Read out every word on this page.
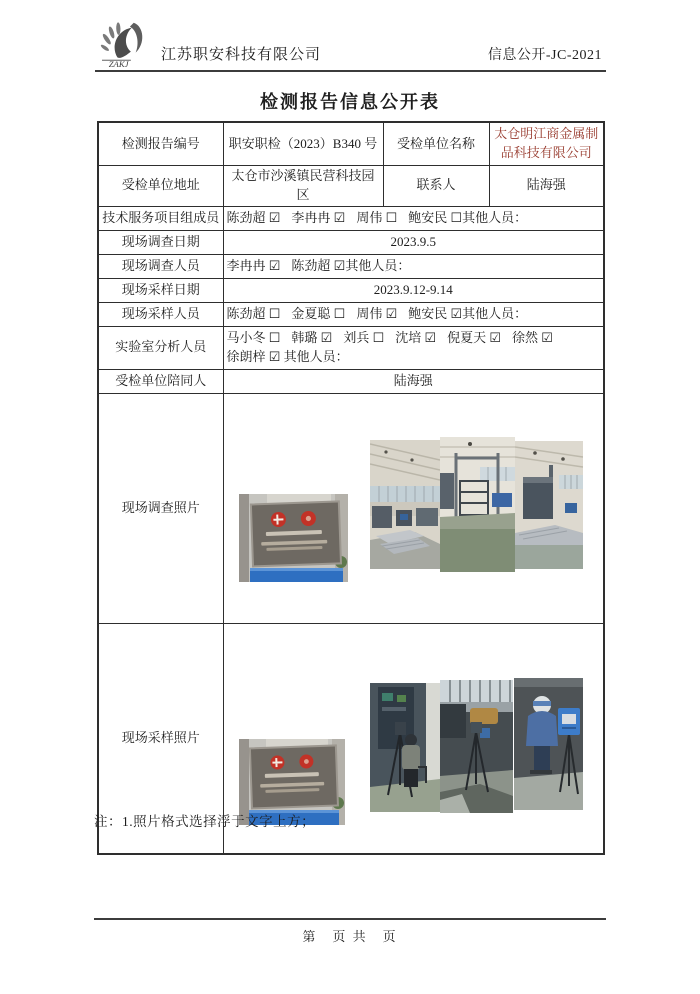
ZAKJ
江苏职安科技有限公司	信息公开-JC-2021
检测报告信息公开表
检测报告编号	职安职检（2023）B340 号	受检单位名称	太仓明江商金属制品科技有限公司
受检单位地址	太仓市沙溪镇民营科技园区	联系人	陆海强
技术服务项目组成员	陈劲超 ☑ 李冉冉 ☑ 周伟 ☐ 鲍安民 ☐其他人员：		
现场调查日期	2023.9.5		
现场调查人员	李冉冉 ☑ 陈劲超 ☑其他人员：		
现场采样日期	2023.9.12-9.14		
现场采样人员	陈劲超 ☐ 金夏聪 ☐ 周伟 ☑ 鲍安民 ☑其他人员：		
实验室分析人员	马小冬 ☐ 韩璐 ☑ 刘兵 ☐ 沈培 ☑ 倪夏天 ☑ 徐然 ☑徐朗梓 ☑ 其他人员：		
受检单位陪同人	陆海强		
现场调查照片	

现场采样照片	

注：1.照片格式选择浮于文字上方；

第　页 共　页
